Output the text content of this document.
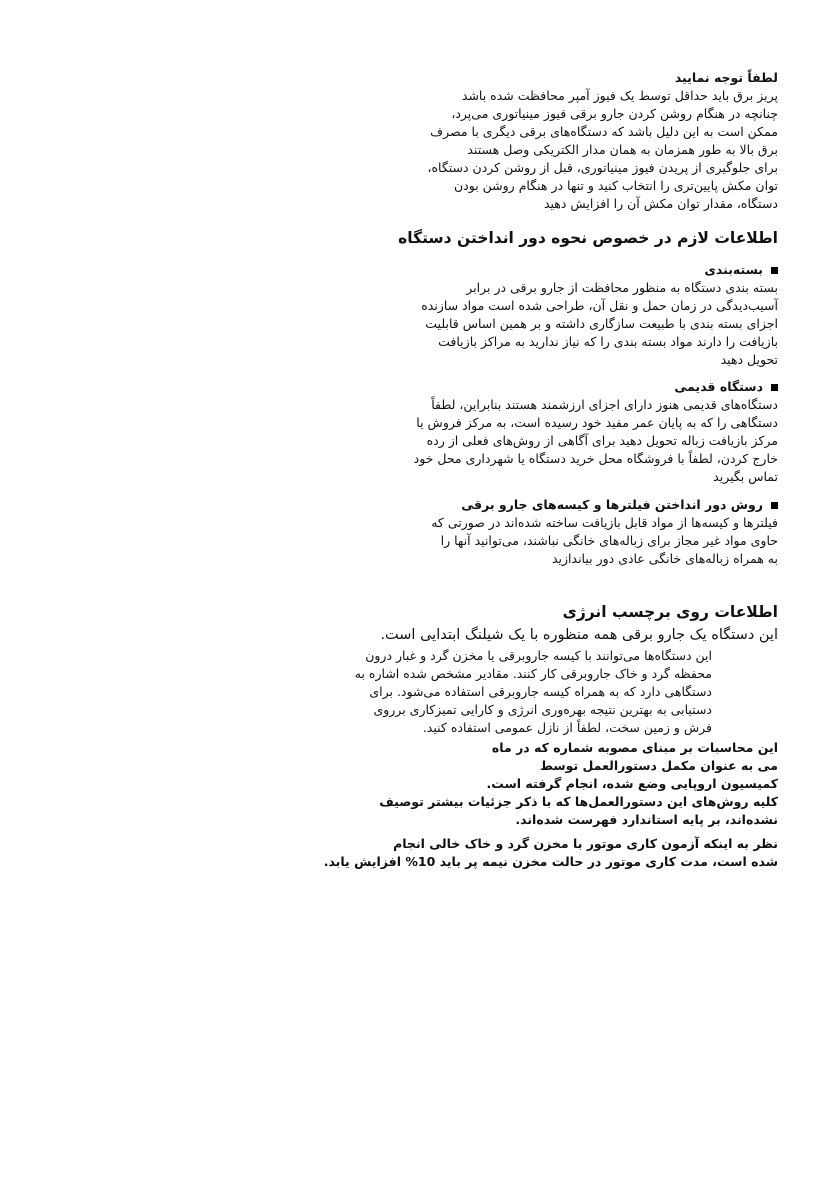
لطفاً توجه نمایید
پریز برق باید حداقل توسط یک فیوز آمپر محافظت شده باشد
چنانچه در هنگام روشن کردن جارو برقی فیوز مینیاتوری می‌پرد،
ممکن است به این دلیل باشد که دستگاه‌های برقی دیگری با مصرف
برق بالا به طور همزمان به همان مدار الکتریکی وصل هستند
برای جلوگیری از پریدن فیوز مینیاتوری، قبل از روشن کردن دستگاه،
توان مکش پایین‌تری را انتخاب کنید و تنها در هنگام روشن بودن
دستگاه، مقدار توان مکش آن را افزایش دهید
اطلاعات لازم در خصوص نحوه دور انداختن دستگاه
بسته‌بندی
بسته بندی دستگاه به منظور محافظت از جارو برقی در برابر
آسیب‌دیدگی در زمان حمل و نقل آن، طراحی شده است مواد سازنده
اجزای بسته بندی با طبیعت سازگاری داشته و بر همین اساس قابلیت
بازیافت را دارند مواد بسته بندی را که نیاز ندارید به مراکز بازیافت
تحویل دهید
دستگاه قدیمی
دستگاه‌های قدیمی هنوز دارای اجزای ارزشمند هستند بنابراین، لطفاً
دستگاهی را که به پایان عمر مفید خود رسیده است، به مرکز فروش یا
مرکز بازیافت زباله تحویل دهید برای آگاهی از روش‌های فعلی از رده
خارج کردن، لطفاً با فروشگاه محل خرید دستگاه یا شهرداری محل خود
تماس بگیرید
روش دور انداختن فیلترها و کیسه‌های جارو برقی
فیلترها و کیسه‌ها از مواد قابل بازیافت ساخته شده‌اند در صورتی که
حاوی مواد غیر مجاز برای زباله‌های خانگی نباشند، می‌توانید آنها را
به همراه زباله‌های خانگی عادی دور بیاندازید
اطلاعات روی برچسب انرژی
این دستگاه یک جارو برقی همه منظوره با یک شیلنگ ابتدایی است.
این دستگاه‌ها می‌توانند با کیسه جاروبرقی یا مخزن گرد و غبار درون
محفظه گرد و خاک جاروبرقی کار کنند. مقادیر مشخص شده اشاره به
دستگاهی دارد که به همراه کیسه جاروبرقی استفاده می‌شود. برای
دستیابی به بهترین نتیجه بهره‌وری انرژی و کارایی تمیزکاری برروی
فرش و زمین سخت، لطفاً از نازل عمومی استفاده کنید.
این محاسبات بر مبنای مصوبه شماره که در ماه
می به عنوان مکمل دستورالعمل توسط
کمیسیون اروپایی وضع شده، انجام گرفته است.
کلیه روش‌های این دستورالعمل‌ها که با ذکر جزئیات بیشتر توصیف
نشده‌اند، بر پایه استاندارد فهرست شده‌اند.
نظر به اینکه آزمون کاری موتور با مخزن گرد و خاک خالی انجام
شده است، مدت کاری موتور در حالت مخزن نیمه پر باید 10% افزایش یابد.
